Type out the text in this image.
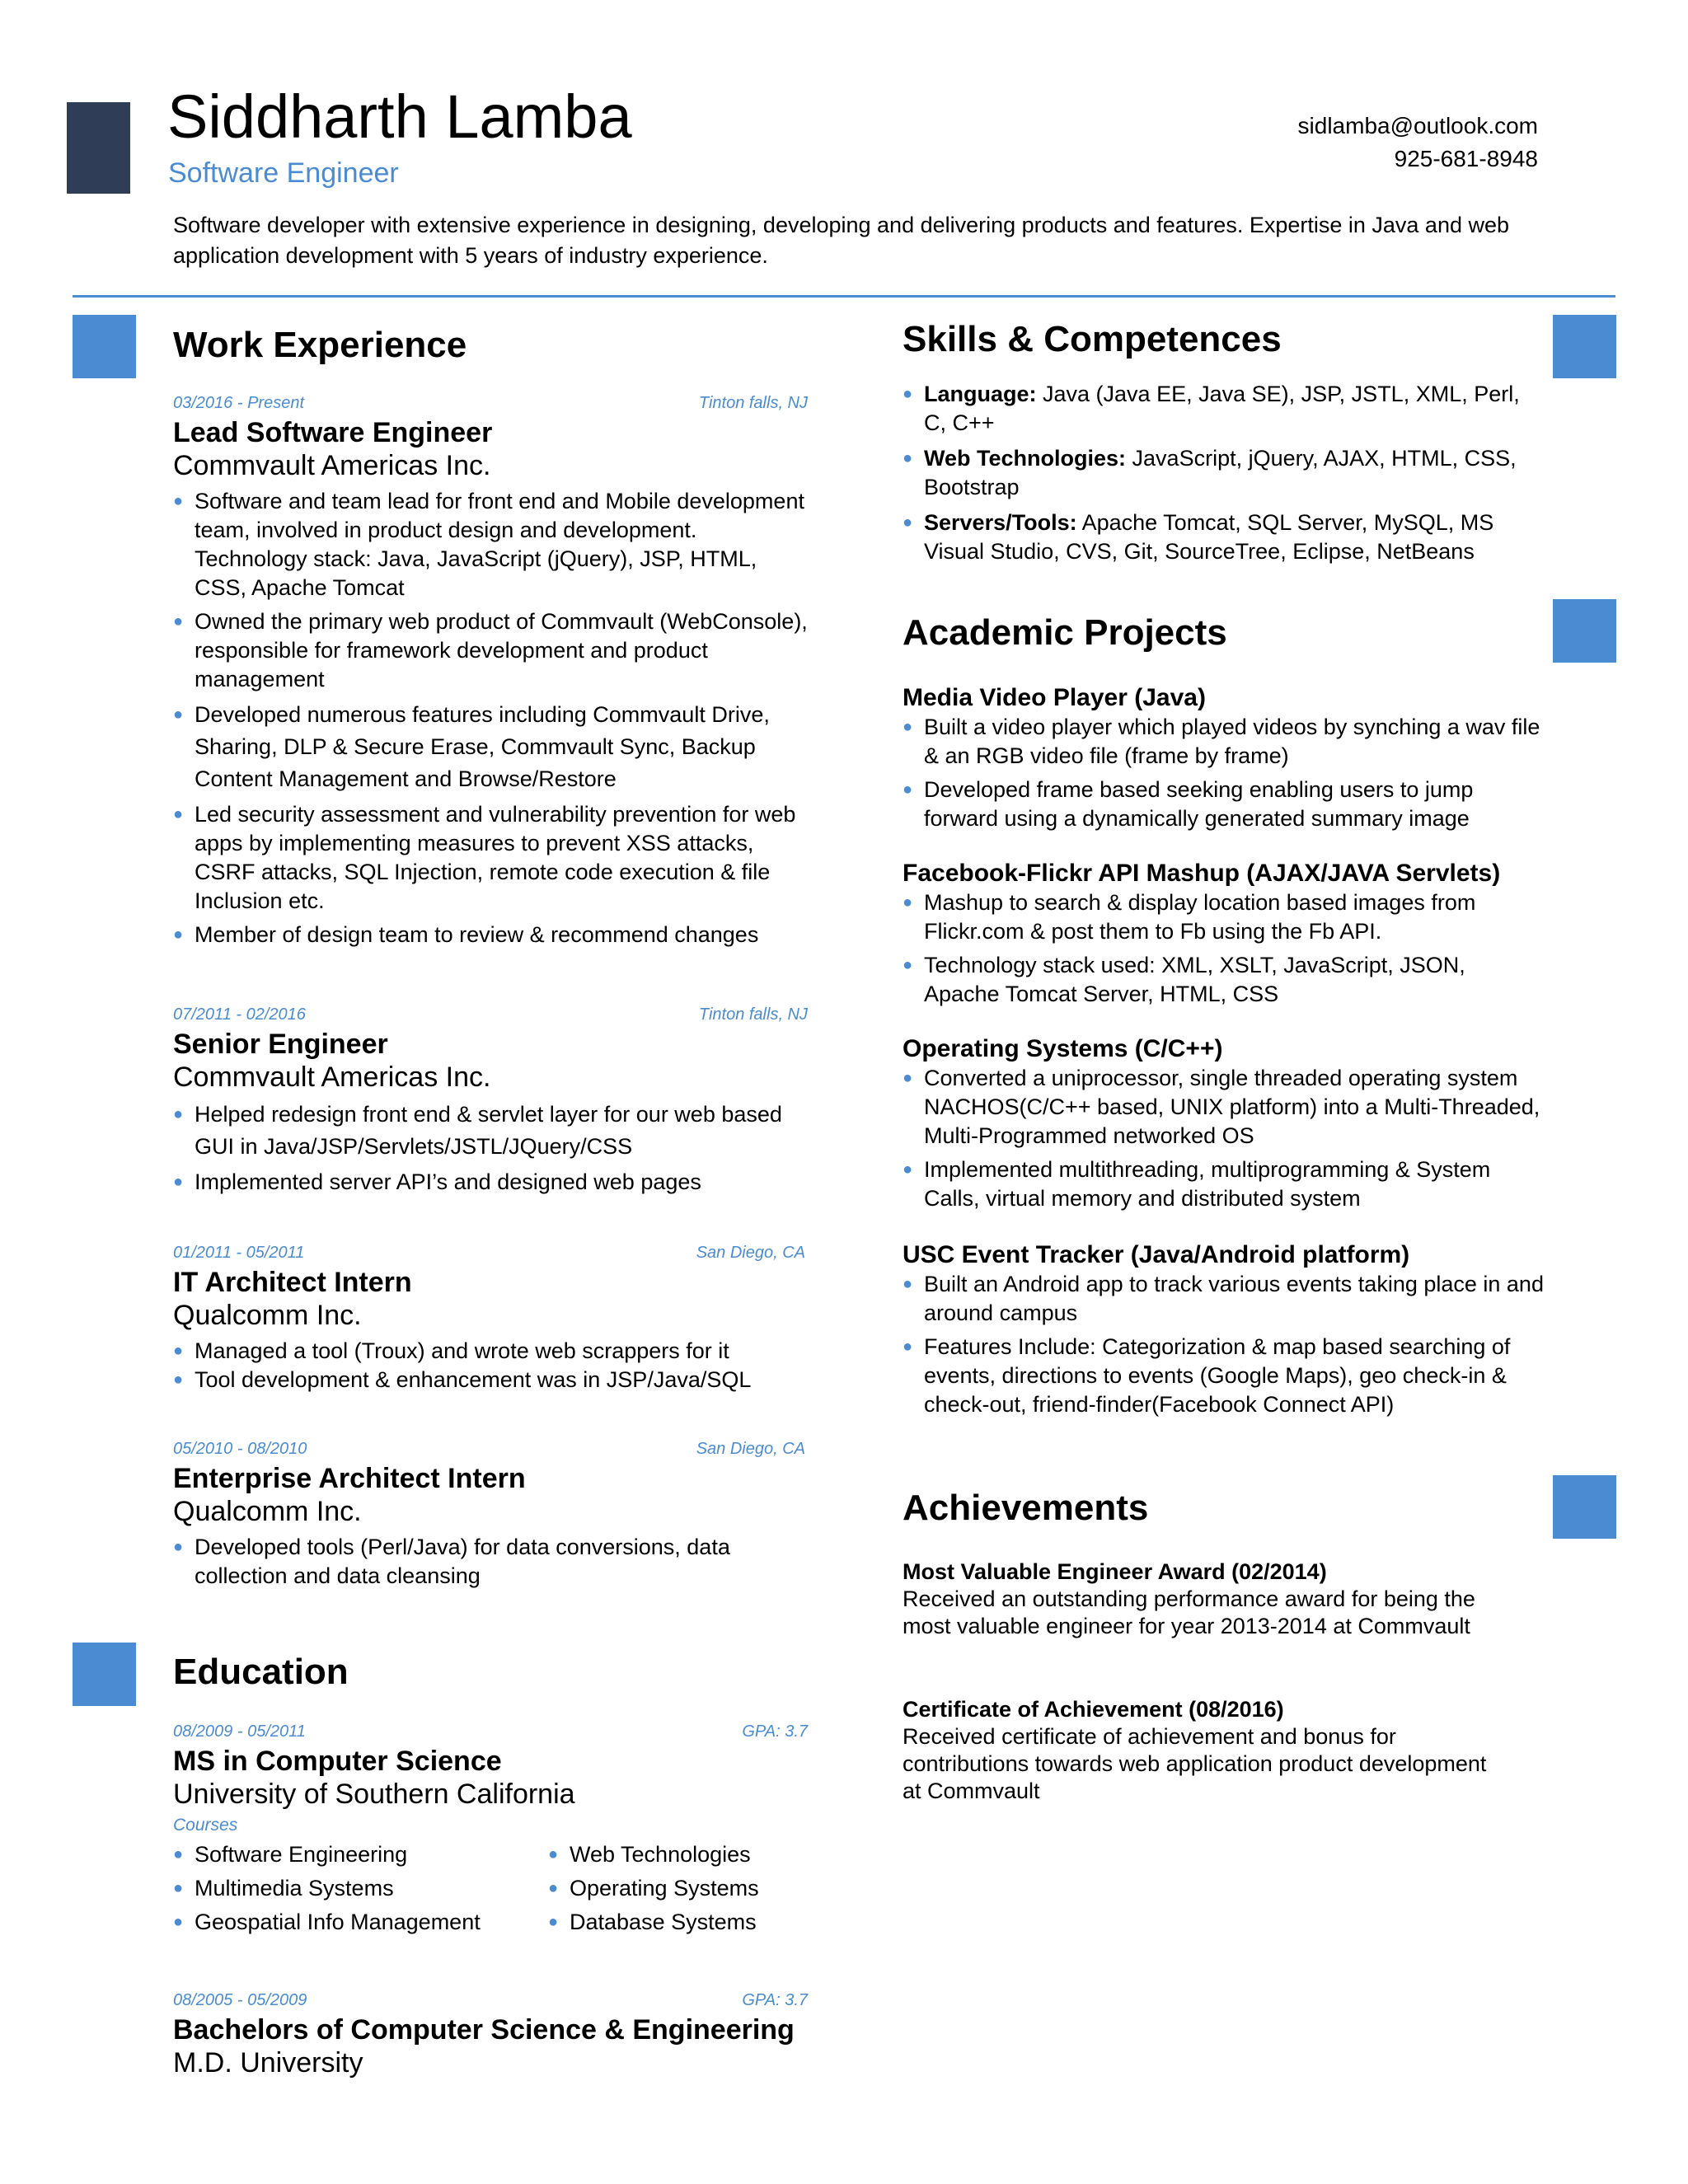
Siddharth Lamba
Software Engineer
sidlamba@outlook.com
925-681-8948
Software developer with extensive experience in designing, developing and delivering products and features. Expertise in Java and web application development with 5 years of industry experience.
Work Experience
03/2016 - Present	Tinton falls, NJ
Lead Software Engineer
Commvault Americas Inc.
● Software and team lead for front end and Mobile development team, involved in product design and development. Technology stack: Java, JavaScript (jQuery), JSP, HTML, CSS, Apache Tomcat
● Owned the primary web product of Commvault (WebConsole), responsible for framework development and product management
● Developed numerous features including Commvault Drive, Sharing, DLP & Secure Erase, Commvault Sync, Backup Content Management and Browse/Restore
● Led security assessment and vulnerability prevention for web apps by implementing measures to prevent XSS attacks, CSRF attacks, SQL Injection, remote code execution & file Inclusion etc.
● Member of design team to review & recommend changes
07/2011 - 02/2016	Tinton falls, NJ
Senior Engineer
Commvault Americas Inc.
● Helped redesign front end & servlet layer for our web based GUI in Java/JSP/Servlets/JSTL/JQuery/CSS
● Implemented server API’s and designed web pages
01/2011 - 05/2011	San Diego, CA
IT Architect Intern
Qualcomm Inc.
● Managed a tool (Troux) and wrote web scrappers for it
● Tool development & enhancement was in JSP/Java/SQL
05/2010 - 08/2010	San Diego, CA
Enterprise Architect Intern
Qualcomm Inc.
● Developed tools (Perl/Java) for data conversions, data collection and data cleansing
Education
08/2009 - 05/2011	GPA: 3.7
MS in Computer Science
University of Southern California
Courses
● Software Engineering	● Web Technologies
● Multimedia Systems	● Operating Systems
● Geospatial Info Management	● Database Systems
08/2005 - 05/2009	GPA: 3.7
Bachelors of Computer Science & Engineering
M.D. University
Skills & Competences
● Language: Java (Java EE, Java SE), JSP, JSTL, XML, Perl, C, C++
● Web Technologies: JavaScript, jQuery, AJAX, HTML, CSS, Bootstrap
● Servers/Tools: Apache Tomcat, SQL Server, MySQL, MS Visual Studio, CVS, Git, SourceTree, Eclipse, NetBeans
Academic Projects
Media Video Player (Java)
● Built a video player which played videos by synching a wav file & an RGB video file (frame by frame)
● Developed frame based seeking enabling users to jump forward using a dynamically generated summary image
Facebook-Flickr API Mashup (AJAX/JAVA Servlets)
● Mashup to search & display location based images from Flickr.com & post them to Fb using the Fb API.
● Technology stack used: XML, XSLT, JavaScript, JSON, Apache Tomcat Server, HTML, CSS
Operating Systems (C/C++)
● Converted a uniprocessor, single threaded operating system NACHOS(C/C++ based, UNIX platform) into a Multi-Threaded, Multi-Programmed networked OS
● Implemented multithreading, multiprogramming & System Calls, virtual memory and distributed system
USC Event Tracker (Java/Android platform)
● Built an Android app to track various events taking place in and around campus
● Features Include: Categorization & map based searching of events, directions to events (Google Maps), geo check-in & check-out, friend-finder(Facebook Connect API)
Achievements
Most Valuable Engineer Award (02/2014)
Received an outstanding performance award for being the most valuable engineer for year 2013-2014 at Commvault
Certificate of Achievement (08/2016)
Received certificate of achievement and bonus for contributions towards web application product development at Commvault
